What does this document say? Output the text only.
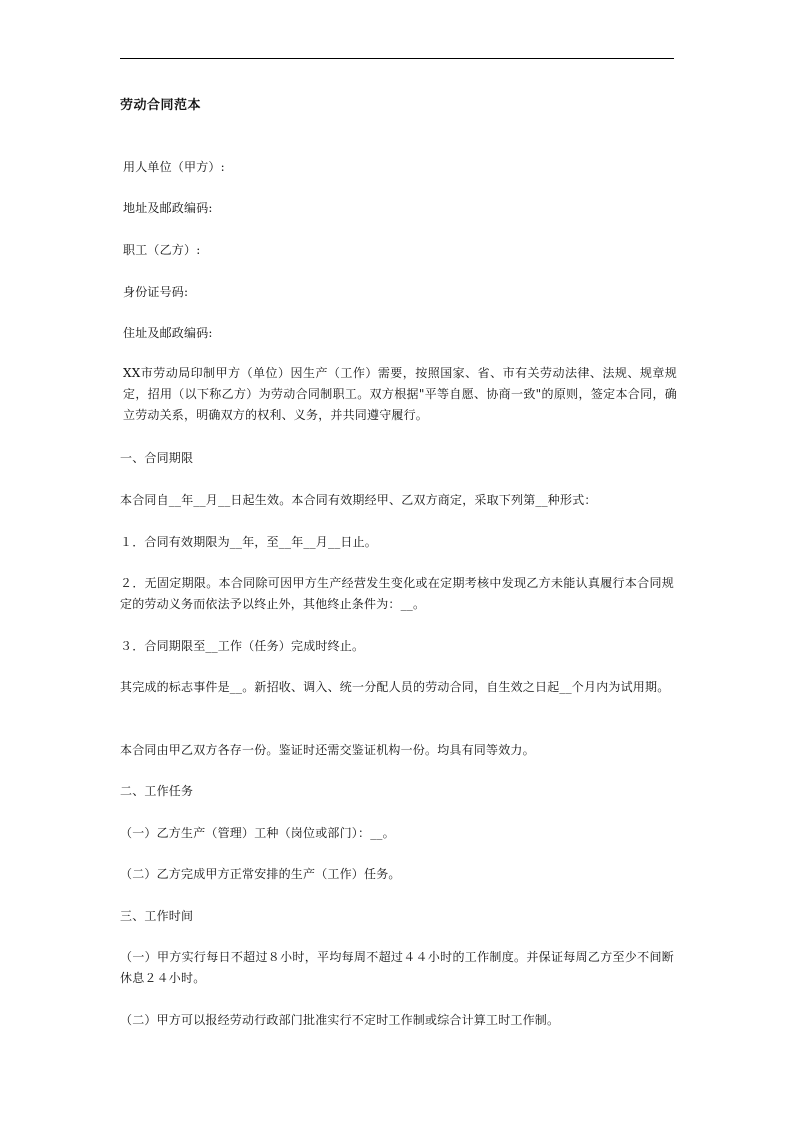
劳动合同范本

用人单位（甲方）:

地址及邮政编码:

职工（乙方）:

身份证号码:

住址及邮政编码:

XX市劳动局印制甲方（单位）因生产（工作）需要，按照国家、省、市有关劳动法律、法规、规章规定，招用（以下称乙方）为劳动合同制职工。双方根据"平等自愿、协商一致"的原则，签定本合同，确立劳动关系，明确双方的权利、义务，并共同遵守履行。

一、合同期限

本合同自__年__月__日起生效。本合同有效期经甲、乙双方商定，采取下列第__种形式：

１．合同有效期限为__年，至__年__月__日止。

２．无固定期限。本合同除可因甲方生产经营发生变化或在定期考核中发现乙方未能认真履行本合同规定的劳动义务而依法予以终止外，其他终止条件为：__。

３．合同期限至__工作（任务）完成时终止。

其完成的标志事件是__。新招收、调入、统一分配人员的劳动合同，自生效之日起__个月内为试用期。

本合同由甲乙双方各存一份。鉴证时还需交鉴证机构一份。均具有同等效力。

二、工作任务

（一）乙方生产（管理）工种（岗位或部门）：__。

（二）乙方完成甲方正常安排的生产（工作）任务。

三、工作时间

（一）甲方实行每日不超过８小时，平均每周不超过４４小时的工作制度。并保证每周乙方至少不间断休息２４小时。

（二）甲方可以报经劳动行政部门批准实行不定时工作制或综合计算工时工作制。
